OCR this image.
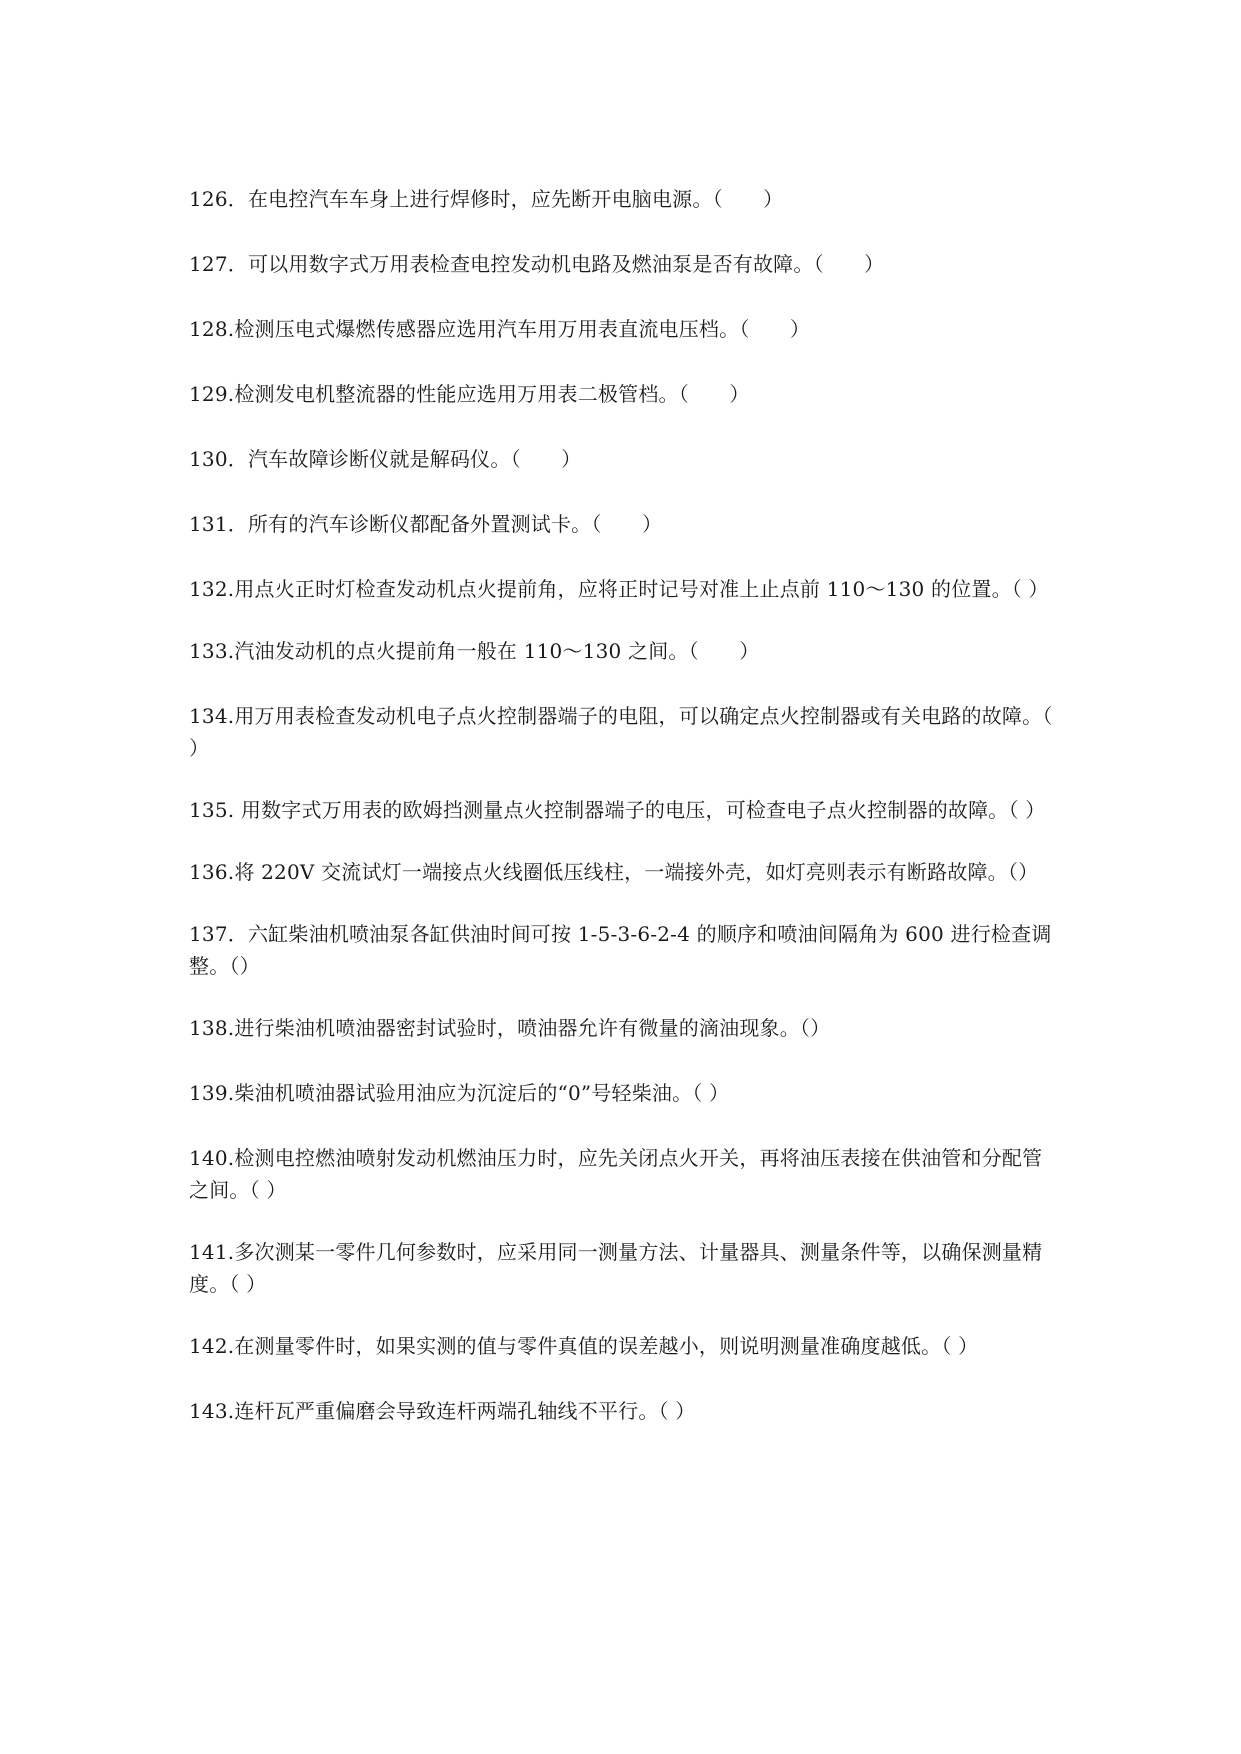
126．在电控汽车车身上进行焊修时，应先断开电脑电源。（　　）

127．可以用数字式万用表检查电控发动机电路及燃油泵是否有故障。（　　）

128.检测压电式爆燃传感器应选用汽车用万用表直流电压档。（　　）

129.检测发电机整流器的性能应选用万用表二极管档。（　　）

130．汽车故障诊断仪就是解码仪。（　　）

131．所有的汽车诊断仪都配备外置测试卡。（　　）

132.用点火正时灯检查发动机点火提前角，应将正时记号对准上止点前 110～130 的位置。（ ）

133.汽油发动机的点火提前角一般在 110～130 之间。（　　）

134.用万用表检查发动机电子点火控制器端子的电阻，可以确定点火控制器或有关电路的故障。（ ）

135. 用数字式万用表的欧姆挡测量点火控制器端子的电压，可检查电子点火控制器的故障。（ ）

136.将 220V 交流试灯一端接点火线圈低压线柱，一端接外壳，如灯亮则表示有断路故障。（）

137．六缸柴油机喷油泵各缸供油时间可按 1-5-3-6-2-4 的顺序和喷油间隔角为 600 进行检查调整。（）

138.进行柴油机喷油器密封试验时，喷油器允许有微量的滴油现象。（）

139.柴油机喷油器试验用油应为沉淀后的“0”号轻柴油。（ ）

140.检测电控燃油喷射发动机燃油压力时，应先关闭点火开关，再将油压表接在供油管和分配管之间。（ ）

141.多次测某一零件几何参数时，应采用同一测量方法、计量器具、测量条件等，以确保测量精度。（ ）

142.在测量零件时，如果实测的值与零件真值的误差越小，则说明测量准确度越低。（ ）

143.连杆瓦严重偏磨会导致连杆两端孔轴线不平行。（ ）
